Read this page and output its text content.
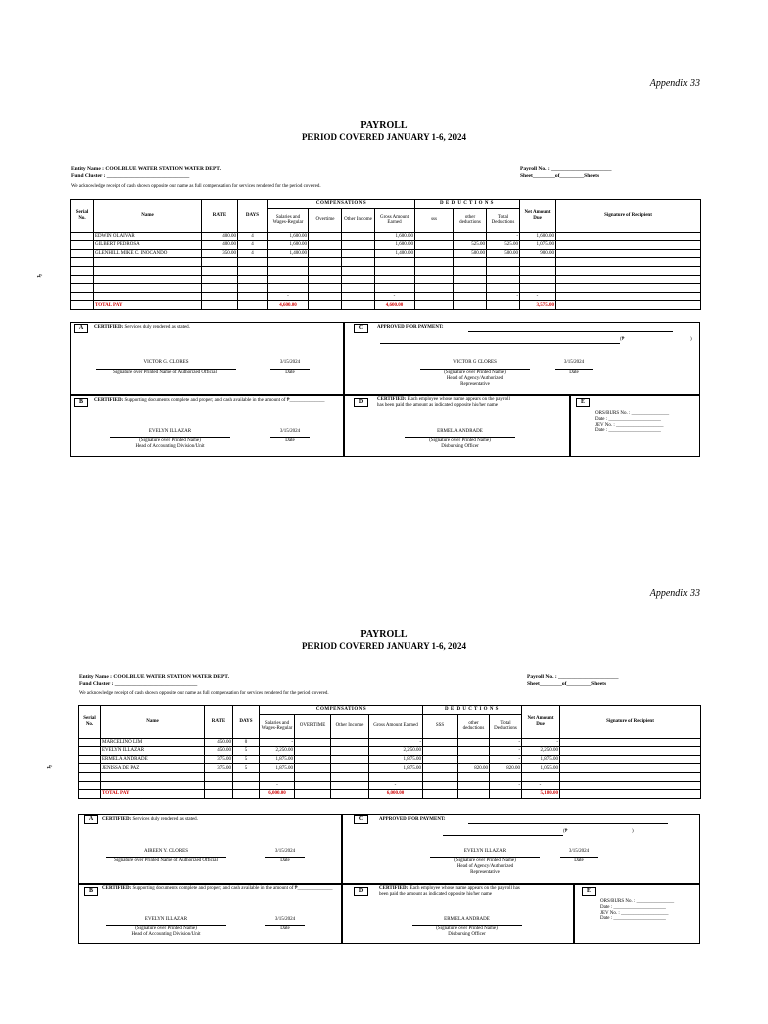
Appendix 33
PAYROLL
PERIOD COVERED JANUARY 1-6, 2024
Entity Name : COOLBLUE WATER STATION WATER DEPT.
Fund Cluster : ______________________________
Payroll No. : ______________________
Sheet________of_________Sheets
We acknowledge receipt of cash shown opposite our name as full compensation for services rendered for the period covered.
↯
Serial No.	Name	RATE	DAYS	COMPENSATIONS				D E D U C T I O N S			Net Amount Due	Signature of Recipient
				Salaries and Wages-Regular	Overtime	Other Income	Gross Amount Earned	sss	other deductions	Total Deductions		
	EDWIN OLAIVAR	400.00	4	1,600.00			1,600.00			-	1,600.00	
	GILBERT PEDROSA	400.00	4	1,600.00			1,600.00		525.00	525.00	1,075.00	
	GLENHILL MIKE C. INOCANDO	350.00	4	1,400.00			1,400.00		500.00	500.00	900.00	

				-			-			-	-	
	TOTAL PAY			4,600.00			4,600.00				3,575.00	
A	CERTIFIED: Services duly rendered as stated.
VICTOR G. CLORES
Signature over Printed Name of Authorized Official
3/15/2024
Date
C	APPROVED FOR PAYMENT:
(₱	)
VICTOR G CLORES
(Signature over Printed Name)
Head of Agency/Authorized
Representative
3/15/2024
Date
B	CERTIFIED: Supporting documents complete and proper; and cash available in the amount of ₱______________
EVELYN ILLAZAR
(Signature over Printed Name)
Head of Accounting Division/Unit
3/15/2024
Date
D	CERTIFIED: Each employee whose name appears on the payroll
has been paid the amount as indicated opposite his/her name
ERMELA ANDRADE
(Signature over Printed Name)
Disbursing Officer
E
ORS/BURS No. : _______________
Date : _____________________
JEV No. : ___________________
Date : _____________________
Appendix 33
PAYROLL
PERIOD COVERED JANUARY 1-6, 2024
Entity Name : COOLBLUE WATER STATION WATER DEPT.
Fund Cluster : ______________________________
Payroll No. : ______________________
Sheet________of_________Sheets
We acknowledge receipt of cash shown opposite our name as full compensation for services rendered for the period covered.
↯
Serial No.	Name	RATE	DAYS	COMPENSATIONS				D E D U C T I O N S			Net Amount Due	Signature of Recipient
				Salaries and Wages-Regular	OVERTIME	Other Income	Gross Amount Earned	SSS	other deductions	Total Deductions		
	MARCELINO LIM	450.00	0	-			-			-	-	
	EVELYN ILLAZAR	450.00	5	2,250.00			2,250.00			-	2,250.00	
	ERMELA ANDRADE	375.00	5	1,875.00			1,875.00			-	1,875.00	
	JENISSA DE PAZ	375.00	5	1,875.00			1,875.00		820.00	820.00	1,055.00	

				-			-			-	-	
	TOTAL PAY			6,000.00			6,000.00				5,180.00	
A	CERTIFIED: Services duly rendered as stated.
AIREEN Y. CLORES
Signature over Printed Name of Authorized Official
3/15/2024
Date
C	APPROVED FOR PAYMENT:
(₱	)
EVELYN ILLAZAR
(Signature over Printed Name)
Head of Agency/Authorized
Representative
3/15/2024
Date
B	CERTIFIED: Supporting documents complete and proper; and cash available in the amount of ₱______________
EVELYN ILLAZAR
(Signature over Printed Name)
Head of Accounting Division/Unit
3/15/2024
Date
D	CERTIFIED: Each employee whose name appears on the payroll has
been paid the amount as indicated opposite his/her name
ERMELA ANDRADE
(Signature over Printed Name)
Disbursing Officer
E
ORS/BURS No. : _______________
Date : _____________________
JEV No. : ___________________
Date : _____________________
